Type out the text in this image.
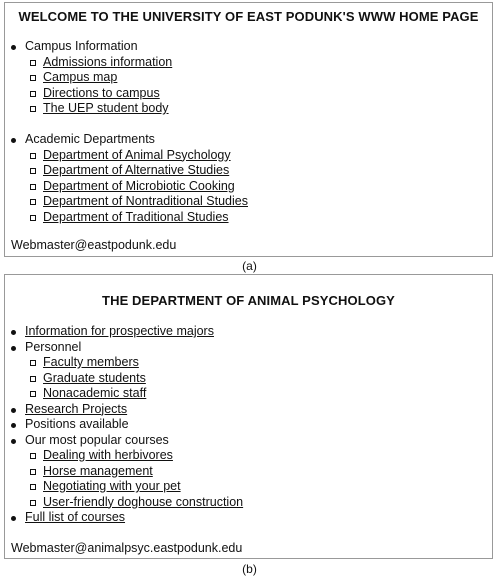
WELCOME TO THE UNIVERSITY OF EAST PODUNK'S WWW HOME PAGE
Campus Information
Admissions information
Campus map
Directions to campus
The UEP student body
Academic Departments
Department of Animal Psychology
Department of Alternative Studies
Department of Microbiotic Cooking
Department of Nontraditional Studies
Department of Traditional Studies
Webmaster@eastpodunk.edu
(a)
THE DEPARTMENT OF ANIMAL PSYCHOLOGY
Information for prospective majors
Personnel
Faculty members
Graduate students
Nonacademic staff
Research Projects
Positions available
Our most popular courses
Dealing with herbivores
Horse management
Negotiating with your pet
User-friendly doghouse construction
Full list of courses
Webmaster@animalpsyc.eastpodunk.edu
(b)
